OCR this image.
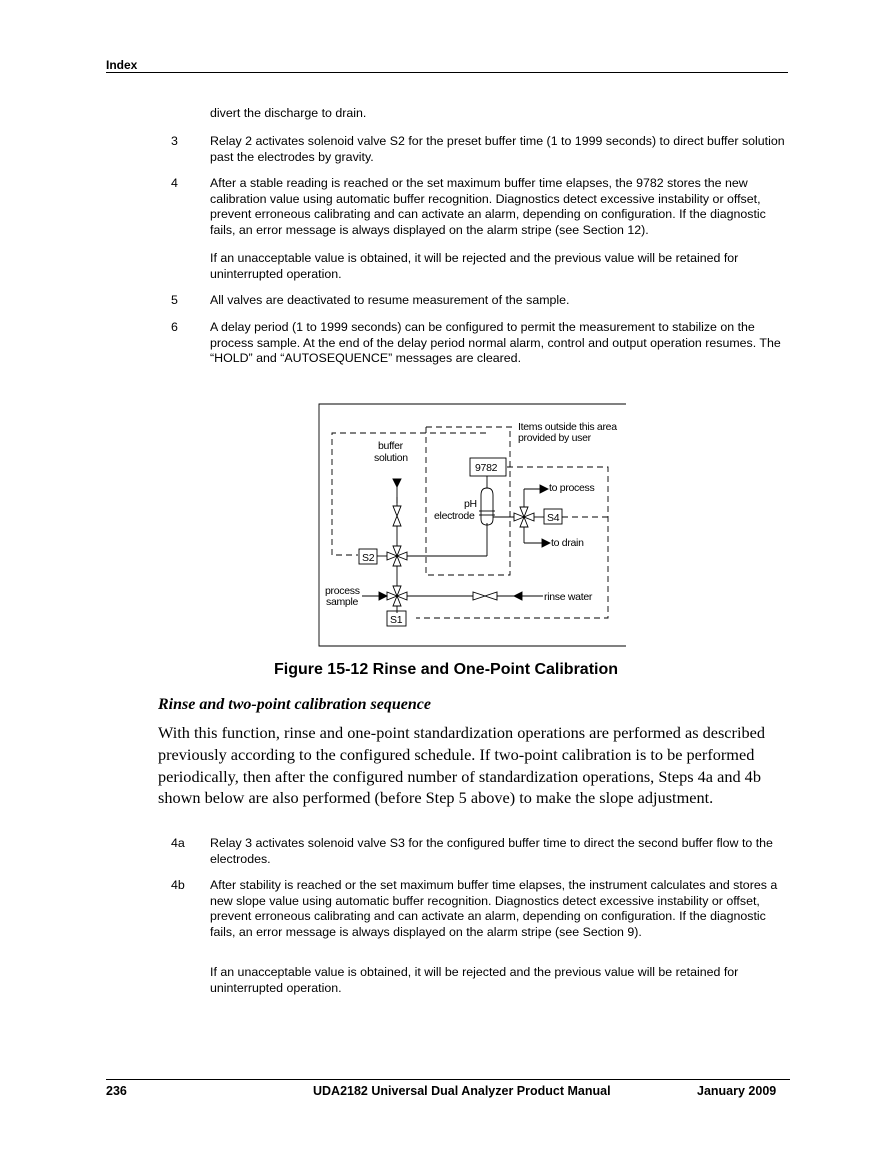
Index
divert the discharge to drain.
3	Relay 2 activates solenoid valve S2 for the preset buffer time (1 to 1999 seconds) to direct buffer solution past the electrodes by gravity.
4	After a stable reading is reached or the set maximum buffer time elapses, the 9782 stores the new calibration value using automatic buffer recognition. Diagnostics detect excessive instability or offset, prevent erroneous calibrating and can activate an alarm, depending on configuration. If the diagnostic fails, an error message is always displayed on the alarm stripe (see Section 12).
If an unacceptable value is obtained, it will be rejected and the previous value will be retained for uninterrupted operation.
5	All valves are deactivated to resume measurement of the sample.
6	A delay period (1 to 1999 seconds) can be configured to permit the measurement to stabilize on the process sample. At the end of the delay period normal alarm, control and output operation resumes. The “HOLD” and “AUTOSEQUENCE” messages are cleared.
Items outside this area
provided by user
buffer
solution
9782
pH
electrode
to process
S4
to drain
S2
process
sample	rinse water
S1
Figure 15-12 Rinse and One-Point Calibration
Rinse and two-point calibration sequence
With this function, rinse and one-point standardization operations are performed as described previously according to the configured schedule. If two-point calibration is to be performed periodically, then after the configured number of standardization operations, Steps 4a and 4b shown below are also performed (before Step 5 above) to make the slope adjustment.
4a Relay 3 activates solenoid valve S3 for the configured buffer time to direct the second buffer flow to the electrodes.
4b After stability is reached or the set maximum buffer time elapses, the instrument calculates and stores a new slope value using automatic buffer recognition. Diagnostics detect excessive instability or offset, prevent erroneous calibrating and can activate an alarm, depending on configuration. If the diagnostic fails, an error message is always displayed on the alarm stripe (see Section 9).
If an unacceptable value is obtained, it will be rejected and the previous value will be retained for uninterrupted operation.
236	UDA2182 Universal Dual Analyzer Product Manual	January 2009
